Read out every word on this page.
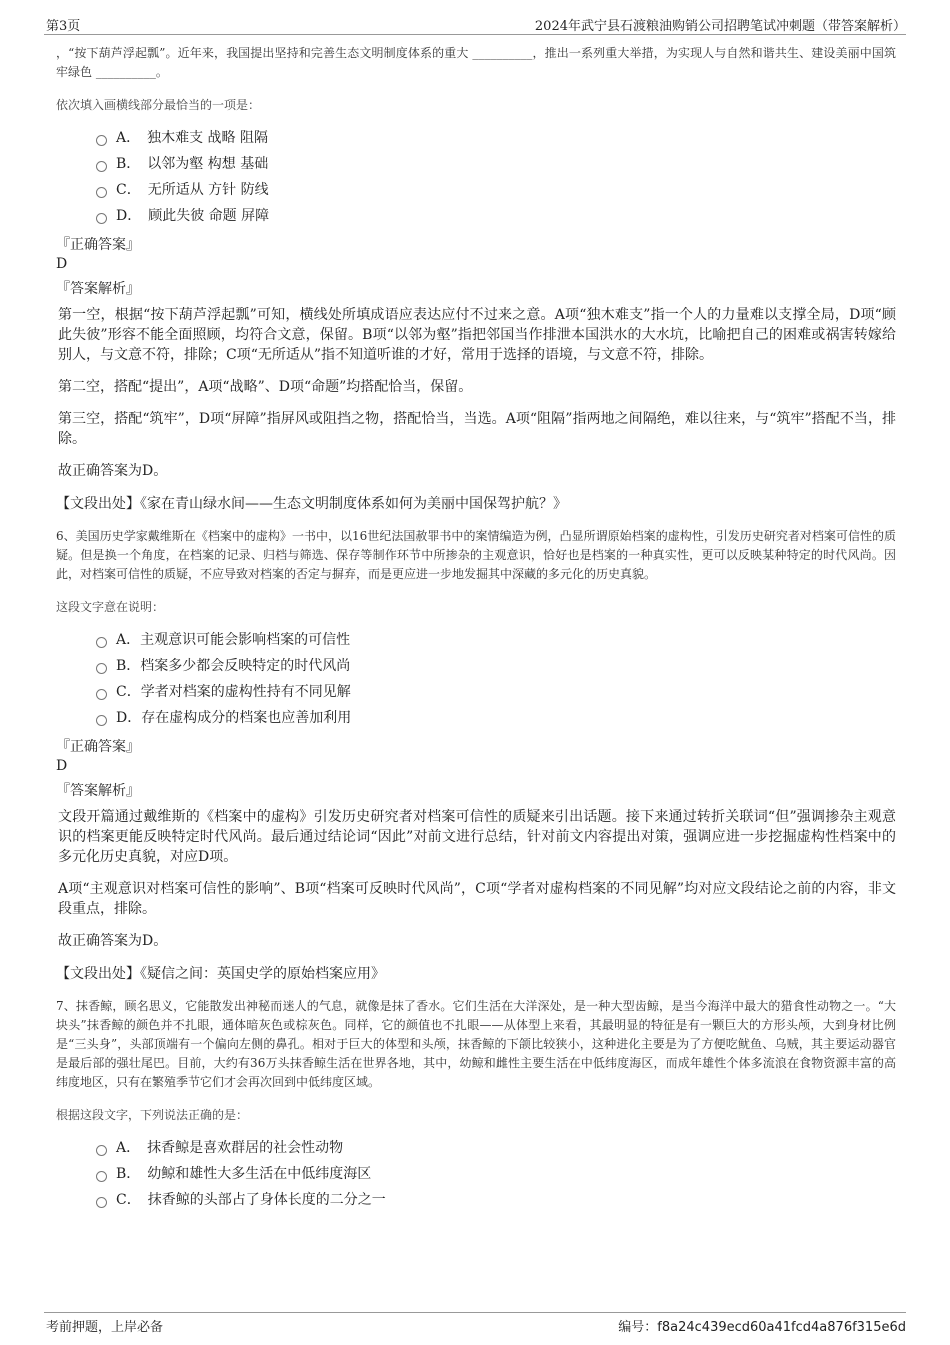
第3页	2024年武宁县石渡粮油购销公司招聘笔试冲刺题（带答案解析）
，“按下葫芦浮起瓢”。近年来，我国提出坚持和完善生态文明制度体系的重大 __________，推出一系列重大举措，为实现人与自然和谐共生、建设美丽中国筑牢绿色 __________。
依次填入画横线部分最恰当的一项是：
A．　独木难支 战略 阻隔
B．　以邻为壑 构想 基础
C．　无所适从 方针 防线
D．　顾此失彼 命题 屏障
『正确答案』
D
『答案解析』

第一空，根据“按下葫芦浮起瓢”可知，横线处所填成语应表达应付不过来之意。A项“独木难支”指一个人的力量难以支撑全局，D项“顾此失彼”形容不能全面照顾，均符合文意，保留。B项“以邻为壑”指把邻国当作排泄本国洪水的大水坑，比喻把自己的困难或祸害转嫁给别人，与文意不符，排除；C项“无所适从”指不知道听谁的才好，常用于选择的语境，与文意不符，排除。

第二空，搭配“提出”，A项“战略”、D项“命题”均搭配恰当，保留。

第三空，搭配“筑牢”，D项“屏障”指屏风或阻挡之物，搭配恰当，当选。A项“阻隔”指两地之间隔绝，难以往来，与“筑牢”搭配不当，排除。

故正确答案为D。

【文段出处】《家在青山绿水间——生态文明制度体系如何为美丽中国保驾护航？》
6、美国历史学家戴维斯在《档案中的虚构》一书中，以16世纪法国赦罪书中的案情编造为例，凸显所谓原始档案的虚构性，引发历史研究者对档案可信性的质疑。但是换一个角度，在档案的记录、归档与筛选、保存等制作环节中所掺杂的主观意识，恰好也是档案的一种真实性，更可以反映某种特定的时代风尚。因此，对档案可信性的质疑，不应导致对档案的否定与摒弃，而是更应进一步地发掘其中深藏的多元化的历史真貌。
这段文字意在说明：
A．主观意识可能会影响档案的可信性
B．档案多少都会反映特定的时代风尚
C．学者对档案的虚构性持有不同见解
D．存在虚构成分的档案也应善加利用
『正确答案』
D
『答案解析』

文段开篇通过戴维斯的《档案中的虚构》引发历史研究者对档案可信性的质疑来引出话题。接下来通过转折关联词“但”强调掺杂主观意识的档案更能反映特定时代风尚。最后通过结论词“因此”对前文进行总结，针对前文内容提出对策，强调应进一步挖掘虚构性档案中的多元化历史真貌，对应D项。

A项“主观意识对档案可信性的影响”、B项“档案可反映时代风尚”，C项“学者对虚构档案的不同见解”均对应文段结论之前的内容，非文段重点，排除。

故正确答案为D。

【文段出处】《疑信之间：英国史学的原始档案应用》
7、抹香鲸，顾名思义，它能散发出神秘而迷人的气息，就像是抹了香水。它们生活在大洋深处，是一种大型齿鲸，是当今海洋中最大的猎食性动物之一。“大块头”抹香鲸的颜色并不扎眼，通体暗灰色或棕灰色。同样，它的颜值也不扎眼——从体型上来看，其最明显的特征是有一颗巨大的方形头颅，大到身材比例是“三头身”，头部顶端有一个偏向左侧的鼻孔。相对于巨大的体型和头颅，抹香鲸的下颌比较狭小，这种进化主要是为了方便吃鱿鱼、乌贼，其主要运动器官是最后部的强壮尾巴。目前，大约有36万头抹香鲸生活在世界各地，其中，幼鲸和雌性主要生活在中低纬度海区，而成年雄性个体多流浪在食物资源丰富的高纬度地区，只有在繁殖季节它们才会再次回到中低纬度区域。
根据这段文字，下列说法正确的是：
A．　抹香鲸是喜欢群居的社会性动物
B．　幼鲸和雄性大多生活在中低纬度海区
C．　抹香鲸的头部占了身体长度的二分之一
考前押题，上岸必备	编号：f8a24c439ecd60a41fcd4a876f315e6d
